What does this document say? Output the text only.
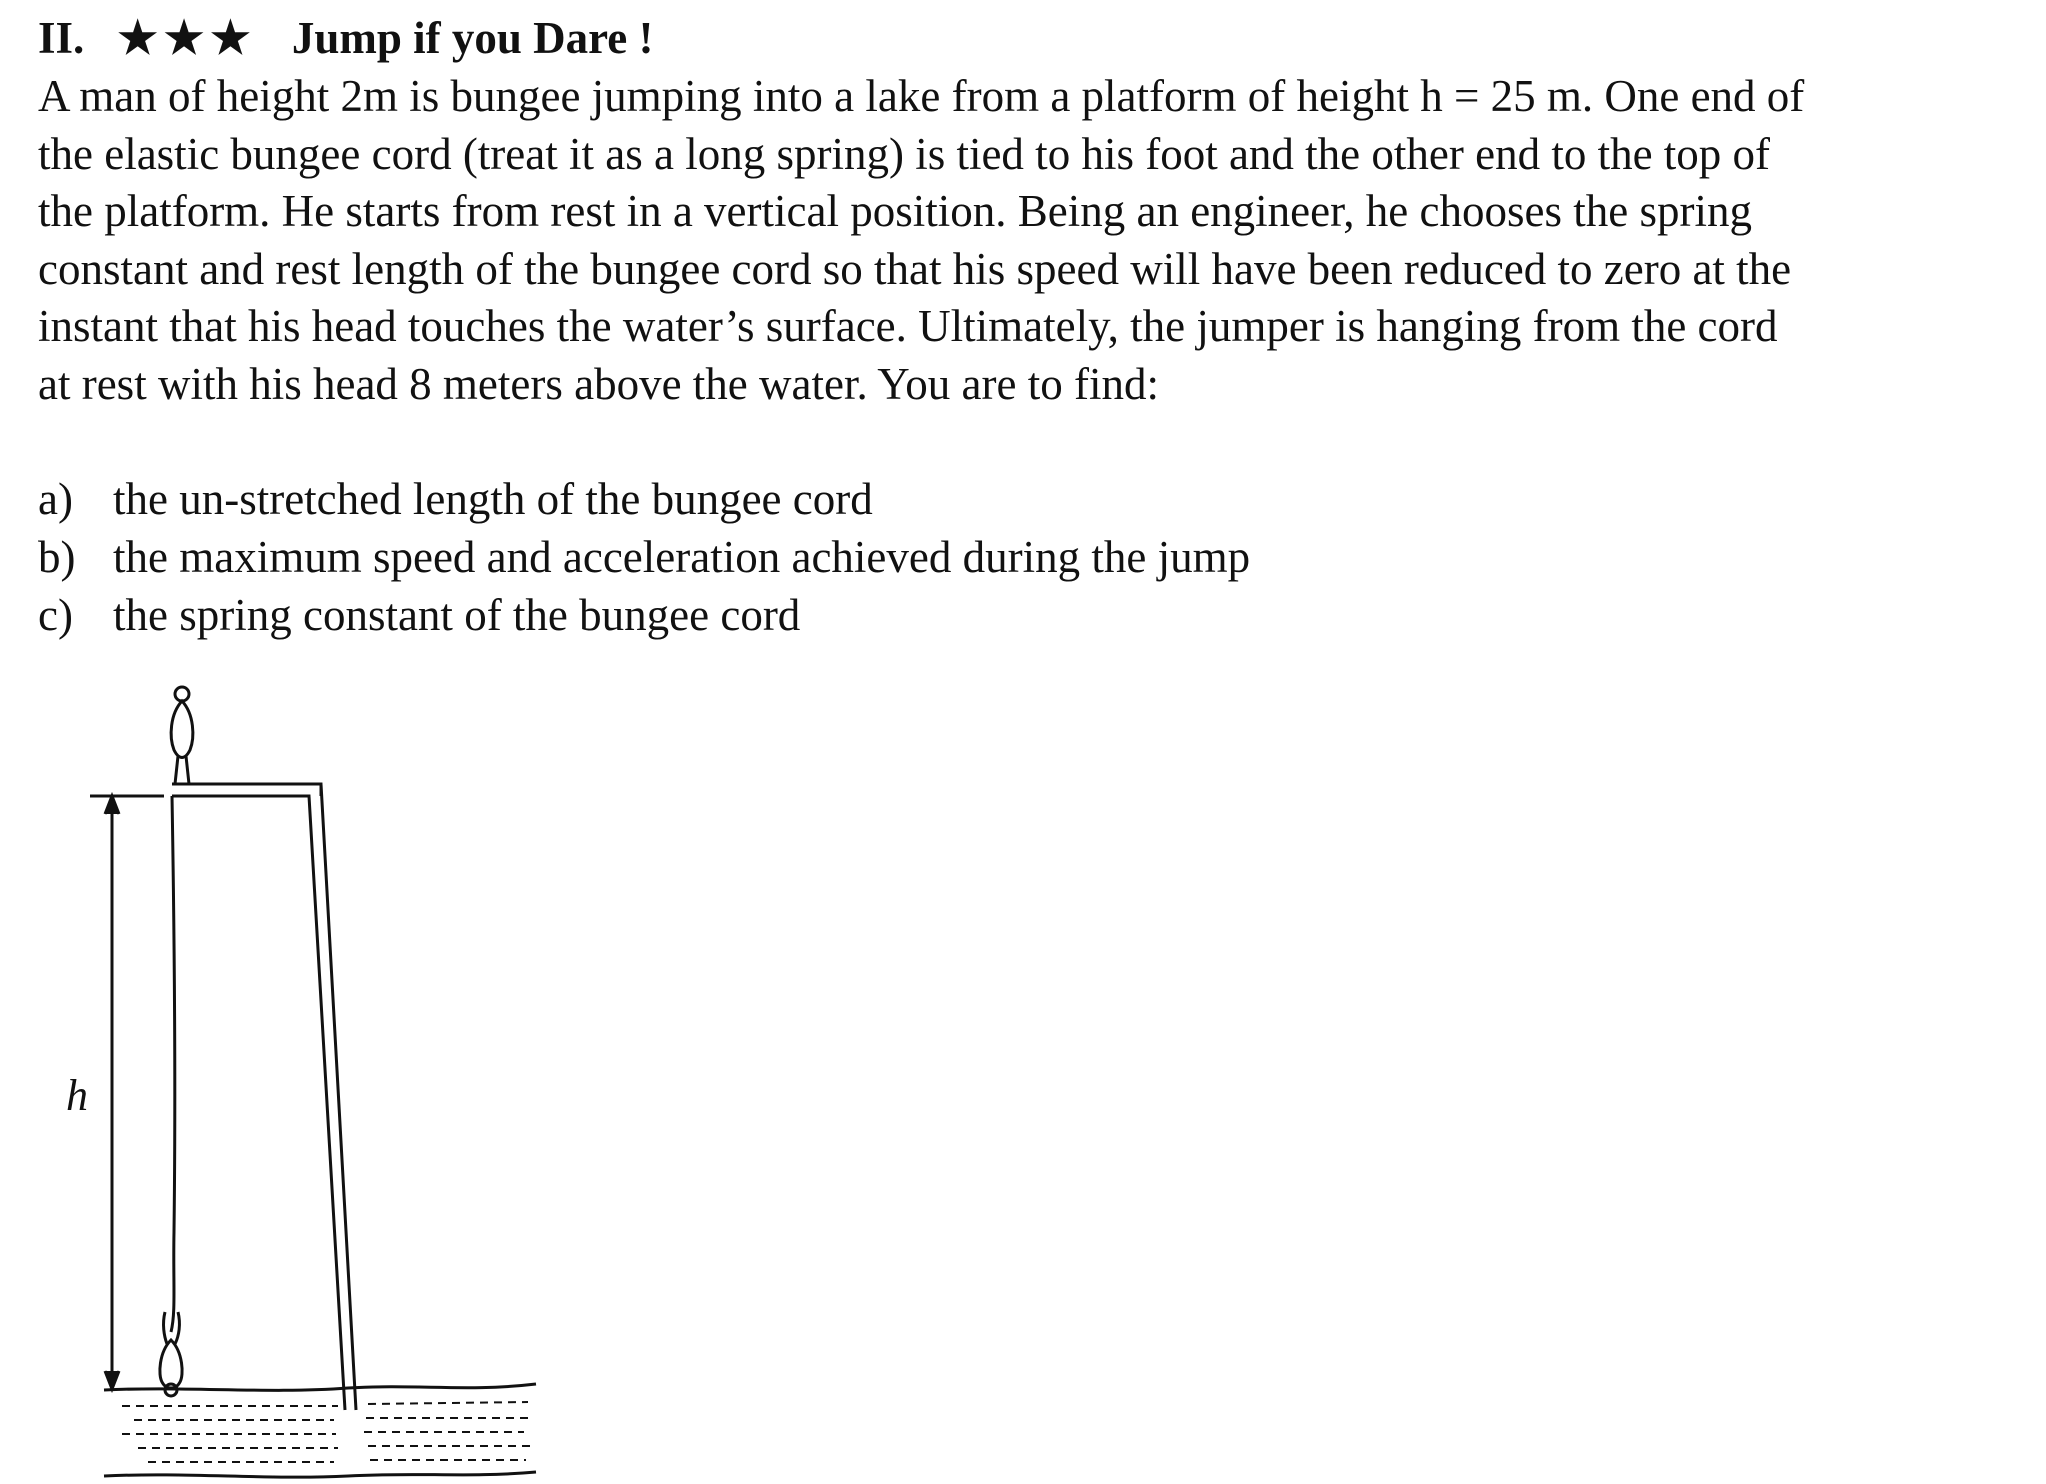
II. ★★★ Jump if you Dare !

A man of height 2m is bungee jumping into a lake from a platform of height h = 25 m. One end of
the elastic bungee cord (treat it as a long spring) is tied to his foot and the other end to the top of
the platform. He starts from rest in a vertical position. Being an engineer, he chooses the spring
constant and rest length of the bungee cord so that his speed will have been reduced to zero at the
instant that his head touches the water’s surface. Ultimately, the jumper is hanging from the cord
at rest with his head 8 meters above the water. You are to find:

a) the un-stretched length of the bungee cord
b) the maximum speed and acceleration achieved during the jump
c) the spring constant of the bungee cord
h
